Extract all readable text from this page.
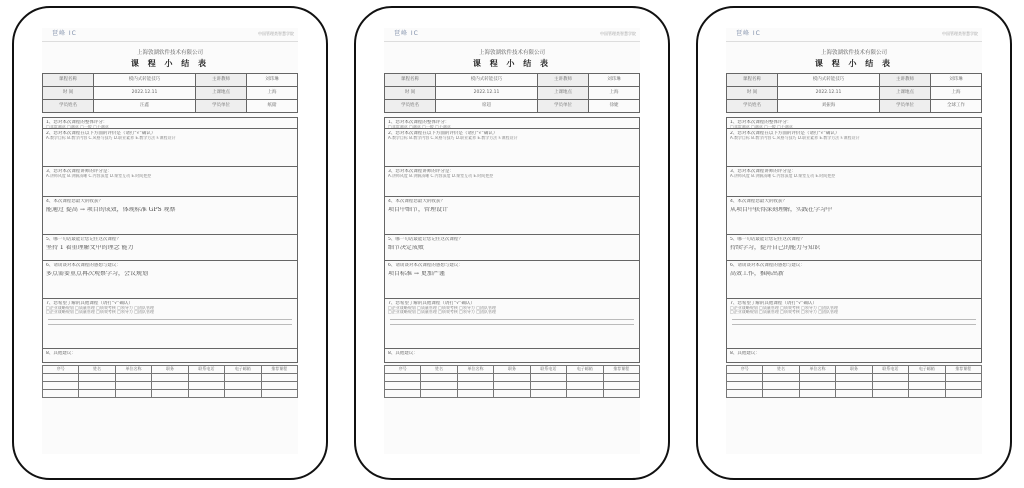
琶峰 IC	中国管理类智慧学院
上海敦湖软件技术有限公司
课 程 小 结 表
课程名称	模内式转能技巧	主讲教师	刘玮琳
时 间	2022.12.11	上课地点	上海
学员姓名	汪鑫	学员单位	纸储
1、您对本次课程的整体评分：
□非常满意 □满意 □一般 □不满意
2、您对本次课程在以下方面的评价是（请打“√”确认）
A.教学目标 B.教学内容 C.风格与技巧 D.职业素养 E.教学方法 F.课程设计
3、您对本次课程讲师的评分是：
A.讲师风度 B.讲解清晰 C.内容深度 D.课堂互动 E.时间把控
4、本次课程您最大的收获？
能通过 提高 → 项目的成效，体现标准 GPS 观察
5、哪一句话最能让您记住这次课程？
坚持 1 着重理解文中的理念 能力
6、请谈谈对本次课程的感想与建议：
多点需要重点再次观察学习，会议规划
7、您希望了解的其他课程（请打“√”确认）
□企业战略规划 □质量管理 □绩效考核 □领导力 □团队管理
□企业战略规划 □质量管理 □绩效考核 □领导力 □团队管理
8、其他建议：
序号	姓名	单位名称	职务	联系电话	电子邮箱	推荐课程

琶峰 IC	中国管理类智慧学院
上海敦湖软件技术有限公司
课 程 小 结 表
课程名称	模内式转能技巧	主讲教师	刘玮琳
时 间	2022.12.11	上课地点	上海
学员姓名	席超	学员单位	徐婕
1、您对本次课程的整体评分：
□非常满意 □满意 □一般 □不满意
2、您对本次课程在以下方面的评价是（请打“√”确认）
A.教学目标 B.教学内容 C.风格与技巧 D.职业素养 E.教学方法 F.课程设计
3、您对本次课程讲师的评分是：
A.讲师风度 B.讲解清晰 C.内容深度 D.课堂互动 E.时间把控
4、本次课程您最大的收获？
项目中细节，管理设计
5、哪一句话最能让您记住这次课程？
细节决定成败
6、请谈谈对本次课程的感想与建议：
项目标准 → 更加严谨
7、您希望了解的其他课程（请打“√”确认）
□企业战略规划 □质量管理 □绩效考核 □领导力 □团队管理
□企业战略规划 □质量管理 □绩效考核 □领导力 □团队管理
8、其他建议：
序号	姓名	单位名称	职务	联系电话	电子邮箱	推荐课程

琶峰 IC	中国管理类智慧学院
上海敦湖软件技术有限公司
课 程 小 结 表
课程名称	模内式转能技巧	主讲教师	刘玮琳
时 间	2022.12.11	上课地点	上海
学员姓名	刘振海	学员单位	全球工作
1、您对本次课程的整体评分：
□非常满意 □满意 □一般 □不满意
2、您对本次课程在以下方面的评价是（请打“√”确认）
A.教学目标 B.教学内容 C.风格与技巧 D.职业素养 E.教学方法 F.课程设计
3、您对本次课程讲师的评分是：
A.讲师风度 B.讲解清晰 C.内容深度 D.课堂互动 E.时间把控
4、本次课程您最大的收获？
从项目中获得深刻理解，实践在学习中
5、哪一句话最能让您记住这次课程？
持续学习，提升自己的能力与知识
6、请谈谈对本次课程的感想与建议：
高效工作，推陈出新
7、您希望了解的其他课程（请打“√”确认）
□企业战略规划 □质量管理 □绩效考核 □领导力 □团队管理
□企业战略规划 □质量管理 □绩效考核 □领导力 □团队管理
8、其他建议：
序号	姓名	单位名称	职务	联系电话	电子邮箱	推荐课程
